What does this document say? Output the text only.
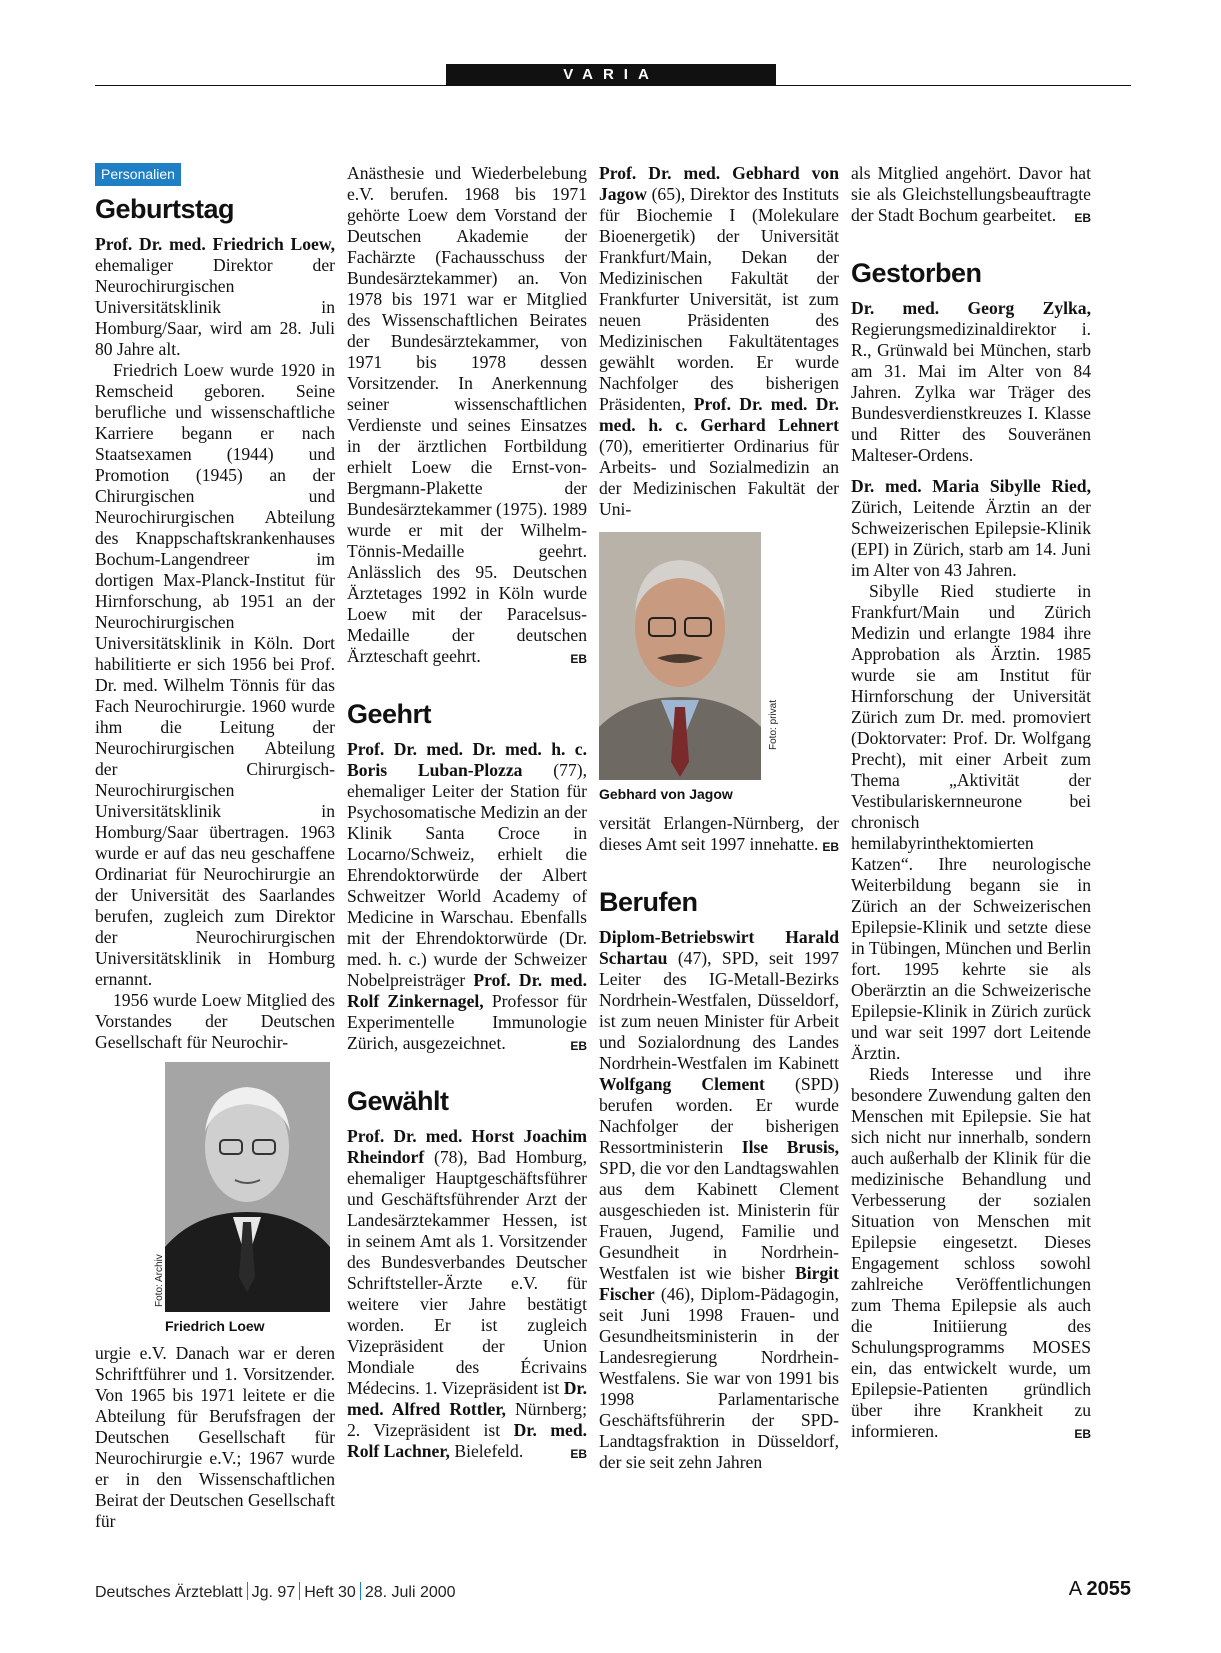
VARIA
Personalien
Geburtstag

Prof. Dr. med. Friedrich Loew, ehemaliger Direktor der Neurochirurgischen Universitätsklinik in Homburg/Saar, wird am 28. Juli 80 Jahre alt.

Friedrich Loew wurde 1920 in Remscheid geboren. Seine berufliche und wissenschaftliche Karriere begann er nach Staatsexamen (1944) und Promotion (1945) an der Chirurgischen und Neurochirurgischen Abteilung des Knappschaftskrankenhauses Bochum-Langendreer im dortigen Max-Planck-Institut für Hirnforschung, ab 1951 an der Neurochirurgischen Universitätsklinik in Köln. Dort habilitierte er sich 1956 bei Prof. Dr. med. Wilhelm Tönnis für das Fach Neurochirurgie. 1960 wurde ihm die Leitung der Neurochirurgischen Abteilung der Chirurgisch-Neurochirurgischen Universitätsklinik in Homburg/Saar übertragen. 1963 wurde er auf das neu geschaffene Ordinariat für Neurochirurgie an der Universität des Saarlandes berufen, zugleich zum Direktor der Neurochirurgischen Universitätsklinik in Homburg ernannt.

1956 wurde Loew Mitglied des Vorstandes der Deutschen Gesellschaft für Neurochir-

Foto: Archiv
Friedrich Loew

urgie e.V. Danach war er deren Schriftführer und 1. Vorsitzender. Von 1965 bis 1971 leitete er die Abteilung für Berufsfragen der Deutschen Gesellschaft für Neurochirurgie e.V.; 1967 wurde er in den Wissenschaftlichen Beirat der Deutschen Gesellschaft für

Anästhesie und Wiederbelebung e.V. berufen. 1968 bis 1971 gehörte Loew dem Vorstand der Deutschen Akademie der Fachärzte (Fachausschuss der Bundesärztekammer) an. Von 1978 bis 1971 war er Mitglied des Wissenschaftlichen Beirates der Bundesärztekammer, von 1971 bis 1978 dessen Vorsitzender. In Anerkennung seiner wissenschaftlichen Verdienste und seines Einsatzes in der ärztlichen Fortbildung erhielt Loew die Ernst-von-Bergmann-Plakette der Bundesärztekammer (1975). 1989 wurde er mit der Wilhelm-Tönnis-Medaille geehrt. Anlässlich des 95. Deutschen Ärztetages 1992 in Köln wurde Loew mit der Paracelsus-Medaille der deutschen Ärzteschaft geehrt.	EB

Geehrt

Prof. Dr. med. Dr. med. h. c. Boris Luban-Plozza (77), ehemaliger Leiter der Station für Psychosomatische Medizin an der Klinik Santa Croce in Locarno/Schweiz, erhielt die Ehrendoktorwürde der Albert Schweitzer World Academy of Medicine in Warschau. Ebenfalls mit der Ehrendoktorwürde (Dr. med. h. c.) wurde der Schweizer Nobelpreisträger Prof. Dr. med. Rolf Zinkernagel, Professor für Experimentelle Immunologie Zürich, ausgezeichnet.	EB

Gewählt

Prof. Dr. med. Horst Joachim Rheindorf (78), Bad Homburg, ehemaliger Hauptgeschäftsführer und Geschäftsführender Arzt der Landesärztekammer Hessen, ist in seinem Amt als 1. Vorsitzender des Bundesverbandes Deutscher Schriftsteller-Ärzte e.V. für weitere vier Jahre bestätigt worden. Er ist zugleich Vizepräsident der Union Mondiale des Écrivains Médecins. 1. Vizepräsident ist Dr. med. Alfred Rottler, Nürnberg; 2. Vizepräsident ist Dr. med. Rolf Lachner, Bielefeld.	EB

Prof. Dr. med. Gebhard von Jagow (65), Direktor des Instituts für Biochemie I (Molekulare Bioenergetik) der Universität Frankfurt/Main, Dekan der Medizinischen Fakultät der Frankfurter Universität, ist zum neuen Präsidenten des Medizinischen Fakultätentages gewählt worden. Er wurde Nachfolger des bisherigen Präsidenten, Prof. Dr. med. Dr. med. h. c. Gerhard Lehnert (70), emeritierter Ordinarius für Arbeits- und Sozialmedizin an der Medizinischen Fakultät der Uni-

Foto: privat
Gebhard von Jagow

versität Erlangen-Nürnberg, der dieses Amt seit 1997 innehatte. EB

Berufen

Diplom-Betriebswirt Harald Schartau (47), SPD, seit 1997 Leiter des IG-Metall-Bezirks Nordrhein-Westfalen, Düsseldorf, ist zum neuen Minister für Arbeit und Sozialordnung des Landes Nordrhein-Westfalen im Kabinett Wolfgang Clement (SPD) berufen worden. Er wurde Nachfolger der bisherigen Ressortministerin Ilse Brusis, SPD, die vor den Landtagswahlen aus dem Kabinett Clement ausgeschieden ist. Ministerin für Frauen, Jugend, Familie und Gesundheit in Nordrhein-Westfalen ist wie bisher Birgit Fischer (46), Diplom-Pädagogin, seit Juni 1998 Frauen- und Gesundheitsministerin in der Landesregierung Nordrhein-Westfalens. Sie war von 1991 bis 1998 Parlamentarische Geschäftsführerin der SPD-Landtagsfraktion in Düsseldorf, der sie seit zehn Jahren

als Mitglied angehört. Davor hat sie als Gleichstellungsbeauftragte der Stadt Bochum gearbeitet. EB

Gestorben

Dr. med. Georg Zylka, Regierungsmedizinaldirektor i. R., Grünwald bei München, starb am 31. Mai im Alter von 84 Jahren. Zylka war Träger des Bundesverdienstkreuzes I. Klasse und Ritter des Souveränen Malteser-Ordens.

Dr. med. Maria Sibylle Ried, Zürich, Leitende Ärztin an der Schweizerischen Epilepsie-Klinik (EPI) in Zürich, starb am 14. Juni im Alter von 43 Jahren.

Sibylle Ried studierte in Frankfurt/Main und Zürich Medizin und erlangte 1984 ihre Approbation als Ärztin. 1985 wurde sie am Institut für Hirnforschung der Universität Zürich zum Dr. med. promoviert (Doktorvater: Prof. Dr. Wolfgang Precht), mit einer Arbeit zum Thema „Aktivität der Vestibulariskernneurone bei chronisch hemilabyrinthektomierten Katzen“. Ihre neurologische Weiterbildung begann sie in Zürich an der Schweizerischen Epilepsie-Klinik und setzte diese in Tübingen, München und Berlin fort. 1995 kehrte sie als Oberärztin an die Schweizerische Epilepsie-Klinik in Zürich zurück und war seit 1997 dort Leitende Ärztin.

Rieds Interesse und ihre besondere Zuwendung galten den Menschen mit Epilepsie. Sie hat sich nicht nur innerhalb, sondern auch außerhalb der Klinik für die medizinische Behandlung und Verbesserung der sozialen Situation von Menschen mit Epilepsie eingesetzt. Dieses Engagement schloss sowohl zahlreiche Veröffentlichungen zum Thema Epilepsie als auch die Initiierung des Schulungsprogramms MOSES ein, das entwickelt wurde, um Epilepsie-Patienten gründlich über ihre Krankheit zu informieren.	EB

Deutsches Ärzteblatt Jg. 97 Heft 30 28. Juli 2000	A 2055
